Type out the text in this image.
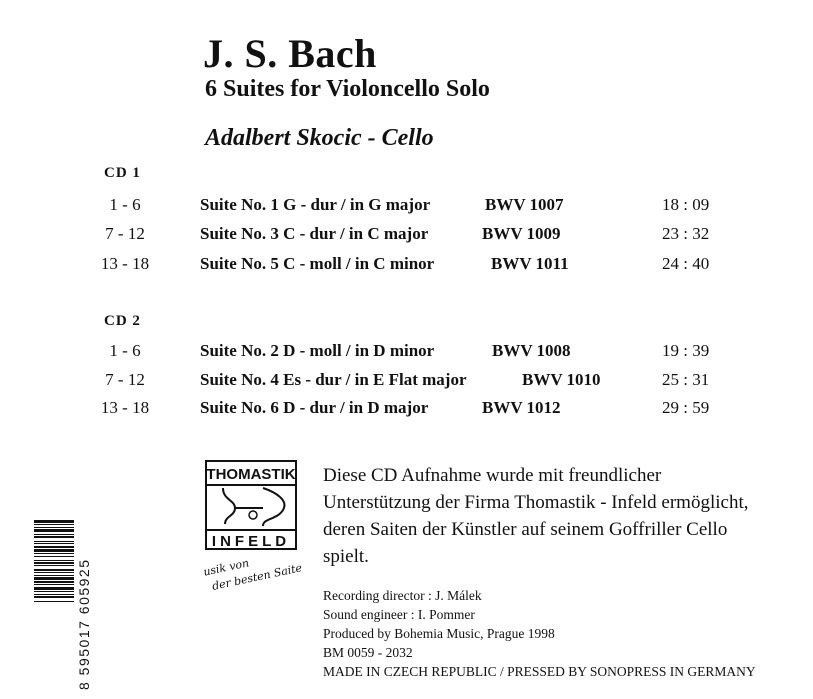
J. S. Bach
6 Suites for Violoncello Solo
Adalbert Skocic - Cello
CD 1
1 - 6	Suite No. 1 G - dur / in G major	BWV 1007	18 : 09
7 - 12	Suite No. 3 C - dur / in C major	BWV 1009	23 : 32
13 - 18	Suite No. 5 C - moll / in C minor	BWV 1011	24 : 40
CD 2
1 - 6	Suite No. 2 D - moll / in D minor	BWV 1008	19 : 39
7 - 12	Suite No. 4 Es - dur / in E Flat major	BWV 1010	25 : 31
13 - 18	Suite No. 6 D - dur / in D major	BWV 1012	29 : 59
THOMASTIK
INFELD
Musik von
der besten Saite!
Diese CD Aufnahme wurde mit freundlicher Unterstützung der Firma Thomastik - Infeld ermöglicht, deren Saiten der Künstler auf seinem Goffriller Cello spielt.
Recording director : J. Málek
Sound engineer : I. Pommer
Produced by Bohemia Music, Prague 1998
BM 0059 - 2032
MADE IN CZECH REPUBLIC / PRESSED BY SONOPRESS IN GERMANY
8 595017 605925
